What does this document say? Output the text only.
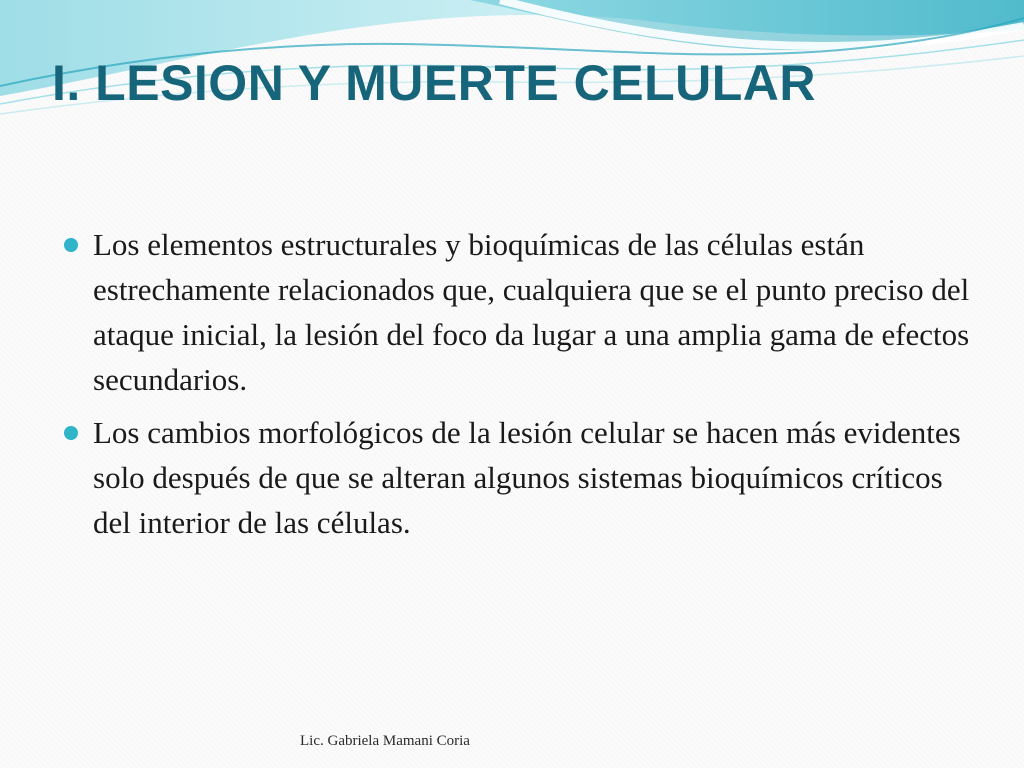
I. LESION Y MUERTE CELULAR
Los elementos estructurales y bioquímicas de las células están estrechamente relacionados que, cualquiera que se el punto preciso del ataque inicial, la lesión del foco da lugar a una amplia gama de efectos secundarios.
Los cambios morfológicos de la lesión celular se hacen más evidentes solo después de que se alteran algunos sistemas bioquímicos críticos del interior de las células.
Lic. Gabriela Mamani Coria
